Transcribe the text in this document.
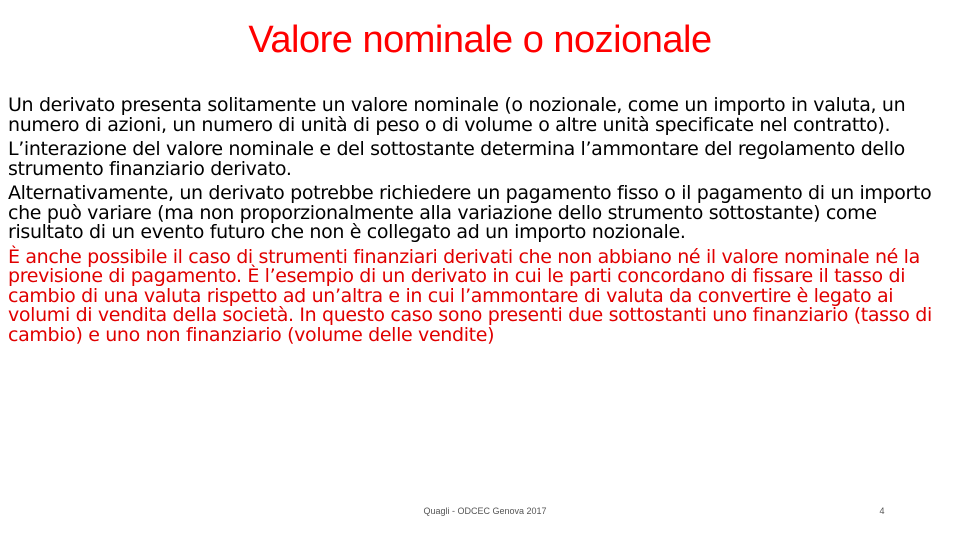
Valore nominale o nozionale

Un derivato presenta solitamente un valore nominale (o nozionale, come un importo in valuta, un numero di azioni, un numero di unità di peso o di volume o altre unità specificate nel contratto).

L’interazione del valore nominale e del sottostante determina l’ammontare del regolamento dello strumento finanziario derivato.

Alternativamente, un derivato potrebbe richiedere un pagamento fisso o il pagamento di un importo che può variare (ma non proporzionalmente alla variazione dello strumento sottostante) come risultato di un evento futuro che non è collegato ad un importo nozionale.

È anche possibile il caso di strumenti finanziari derivati che non abbiano né il valore nominale né la previsione di pagamento. È l’esempio di un derivato in cui le parti concordano di fissare il tasso di cambio di una valuta rispetto ad un’altra e in cui l’ammontare di valuta da convertire è legato ai volumi di vendita della società. In questo caso sono presenti due sottostanti uno finanziario (tasso di cambio) e uno non finanziario (volume delle vendite)

Quagli - ODCEC Genova 2017	4
